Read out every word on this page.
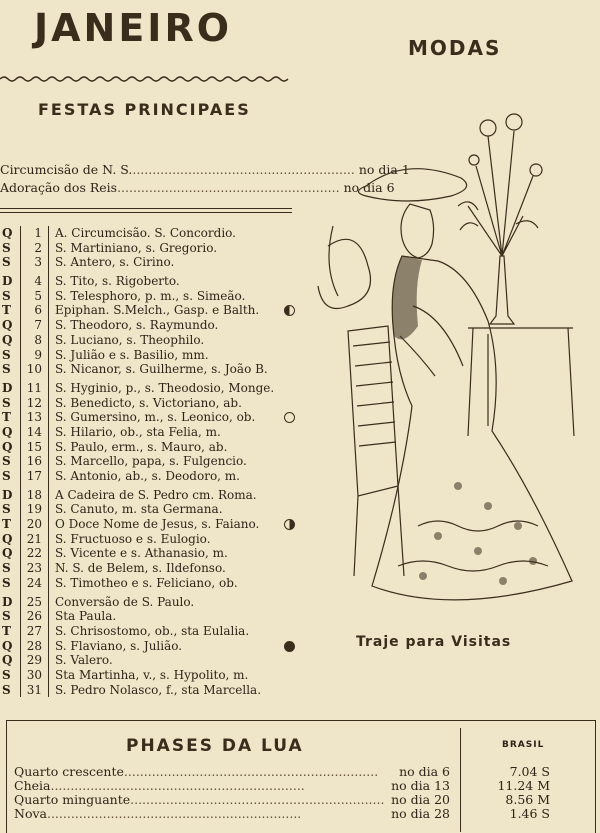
JANEIRO	MODAS
FESTAS PRINCIPAES
Circumcisão de N. S. ........................................................ no dia 1
Adoração dos Reis ........................................................ no dia 6
Q	1 A. Circumcisão. S. Concordio.
S	2 S. Martiniano, s. Gregorio.
S	3 S. Antero, s. Cirino.
D	4 S. Tito, s. Rigoberto.
S	5 S. Telesphoro, p. m., s. Simeão.
T	6 Epiphan. S.Melch., Gasp. e Balth.
Q	7 S. Theodoro, s. Raymundo.
Q	8 S. Luciano, s. Theophilo.
S	9 S. Julião e s. Basilio, mm.
S	10 S. Nicanor, s. Guilherme, s. João B.
D 11 S. Hyginio, p., s. Theodosio, Monge.
S	12 S. Benedicto, s. Victoriano, ab.
T	13 S. Gumersino, m., s. Leonico, ob.
Q 14 S. Hilario, ob., sta Felia, m.
Q 15 S. Paulo, erm., s. Mauro, ab.
S	16 S. Marcello, papa, s. Fulgencio.
S	17 S. Antonio, ab., s. Deodoro, m.
D 18 A Cadeira de S. Pedro cm. Roma.
S	19 S. Canuto, m. sta Germana.
T	20 O Doce Nome de Jesus, s. Faiano.
Q 21 S. Fructuoso e s. Eulogio.
Q 22 S. Vicente e s. Athanasio, m.
S	23 N. S. de Belem, s. Ildefonso.
S	24 S. Timotheo e s. Feliciano, ob.
D 25 Conversão de S. Paulo.
S	26 Sta Paula.
T	27 S. Chrisostomo, ob., sta Eulalia.
Q 28 S. Flaviano, s. Julião.
Q 29 S. Valero.
S	30 Sta Martinha, v., s. Hypolito, m.
S	31 S. Pedro Nolasco, f., sta Marcella.
Traje para Visitas
PHASES DA LUA	BRASIL
Quarto crescente ................................................................	no dia 6	7.04 S
Cheia ................................................................	no dia 13	11.24 M
Quarto minguante ................................................................ no dia 20	8.56 M
Nova ................................................................	no dia 28	1.46 S
